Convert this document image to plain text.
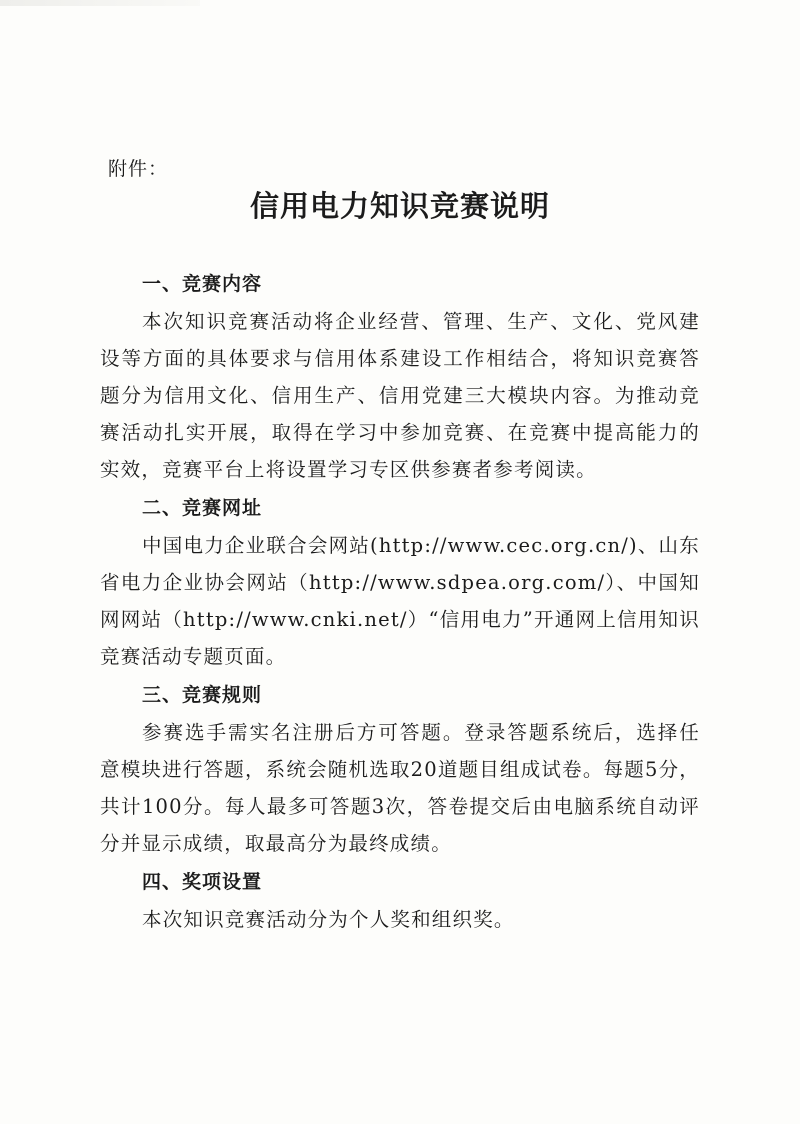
附件：
信用电力知识竞赛说明
一、竞赛内容
本次知识竞赛活动将企业经营、管理、生产、文化、党风建设等方面的具体要求与信用体系建设工作相结合，将知识竞赛答题分为信用文化、信用生产、信用党建三大模块内容。为推动竞赛活动扎实开展，取得在学习中参加竞赛、在竞赛中提高能力的实效，竞赛平台上将设置学习专区供参赛者参考阅读。
二、竞赛网址
中国电力企业联合会网站(http://www.cec.org.cn/)、山东省电力企业协会网站（http://www.sdpea.org.com/）、中国知网网站（http://www.cnki.net/）“信用电力”开通网上信用知识竞赛活动专题页面。
三、竞赛规则
参赛选手需实名注册后方可答题。登录答题系统后，选择任意模块进行答题，系统会随机选取20道题目组成试卷。每题5分，共计100分。每人最多可答题3次，答卷提交后由电脑系统自动评分并显示成绩，取最高分为最终成绩。
四、奖项设置
本次知识竞赛活动分为个人奖和组织奖。
